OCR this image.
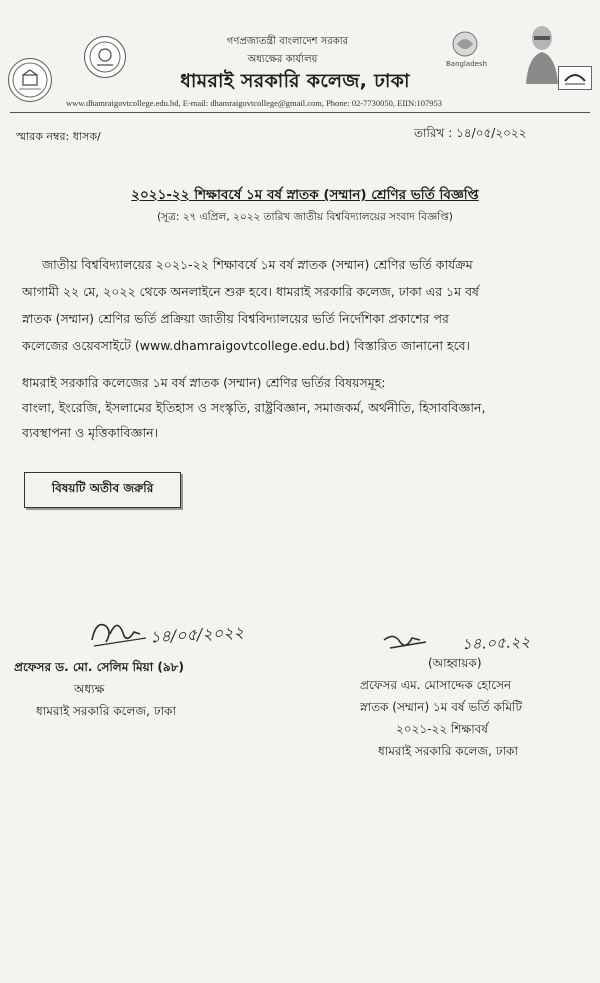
Bangladesh
গণপ্রজাতন্ত্রী বাংলাদেশ সরকার
অধ্যক্ষের কার্যালয়
ধামরাই সরকারি কলেজ, ঢাকা
www.dhamraigovtcollege.edu.bd, E-mail: dhamraigovtcollege@gmail.com, Phone: 02-7730050, EIIN:107953
স্মারক নম্বর: ধাসক/	তারিখ : ১৪/০৫/২০২২
২০২১-২২ শিক্ষাবর্ষে ১ম বর্ষ স্নাতক (সম্মান) শ্রেণির ভর্তি বিজ্ঞপ্তি
(সূত্র: ২৭ এপ্রিল, ২০২২ তারিখ জাতীয় বিশ্ববিদ্যালয়ের সংবাদ বিজ্ঞপ্তি)
জাতীয় বিশ্ববিদ্যালয়ের ২০২১-২২ শিক্ষাবর্ষে ১ম বর্ষ স্নাতক (সম্মান) শ্রেণির ভর্তি কার্যক্রম
আগামী ২২ মে, ২০২২ থেকে অনলাইনে শুরু হবে। ধামরাই সরকারি কলেজ, ঢাকা এর ১ম বর্ষ
স্নাতক (সম্মান) শ্রেণির ভর্তি প্রক্রিয়া জাতীয় বিশ্ববিদ্যালয়ের ভর্তি নির্দেশিকা প্রকাশের পর
কলেজের ওয়েবসাইটে (www.dhamraigovtcollege.edu.bd) বিস্তারিত জানানো হবে।
ধামরাই সরকারি কলেজের ১ম বর্ষ স্নাতক (সম্মান) শ্রেণির ভর্তির বিষয়সমূহ:
বাংলা, ইংরেজি, ইসলামের ইতিহাস ও সংস্কৃতি, রাষ্ট্রবিজ্ঞান, সমাজকর্ম, অর্থনীতি, হিসাববিজ্ঞান,
ব্যবস্থাপনা ও মৃত্তিকাবিজ্ঞান।
বিষয়টি অতীব জরুরি
১৪/০৫/২০২২
প্রফেসর ড. মো. সেলিম মিয়া (৯৮)
অধ্যক্ষ
ধামরাই সরকারি কলেজ, ঢাকা
১৪.০৫.২২
(আহ্বায়ক)
প্রফেসর এম. মোসাদ্দেক হোসেন
স্নাতক (সম্মান) ১ম বর্ষ ভর্তি কমিটি
২০২১-২২ শিক্ষাবর্ষ
ধামরাই সরকারি কলেজ, ঢাকা
